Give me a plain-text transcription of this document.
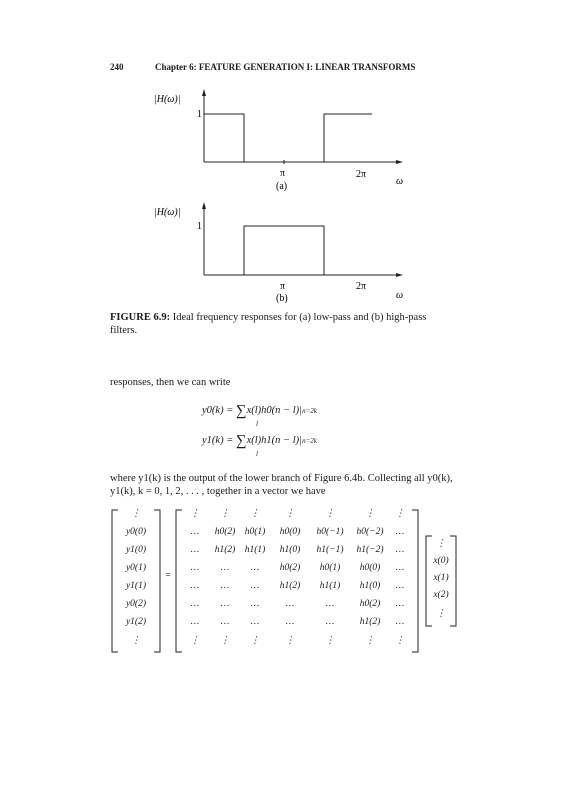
240	Chapter 6: FEATURE GENERATION I: LINEAR TRANSFORMS
|H(ω)|
1
π	2π
ω
(a)
|H(ω)|
1
π	2π
ω
(b)
FIGURE 6.9: Ideal frequency responses for (a) low-pass and (b) high-pass filters.
responses, then we can write
y0(k) = ∑x(l)h0(n − l)|n=2k
l
y1(k) = ∑x(l)h1(n − l)|n=2k
l
where y1(k) is the output of the lower branch of Figure 6.4b. Collecting all y0(k), y1(k), k = 0, 1, 2, . . . , together in a vector we have
⋮
y0(0)
y1(0)
y0(1)
y1(1)
y0(2)
y1(2)
⋮
=
⋮	⋮	⋮	⋮	⋮	⋮	⋮
…	h0(2) h0(1)	h0(0)	h0(−1)	h0(−2)	…
…	h1(2) h1(1)	h1(0)	h1(−1)	h1(−2)	…
…	…	…	h0(2)	h0(1)	h0(0)	…
…	…	…	h1(2)	h1(1)	h1(0)	…
…	…	…	…	…	h0(2)	…
…	…	…	…	…	h1(2)	…
⋮	⋮	⋮	⋮	⋮	⋮	⋮
⋮
x(0)
x(1)
x(2)
⋮
